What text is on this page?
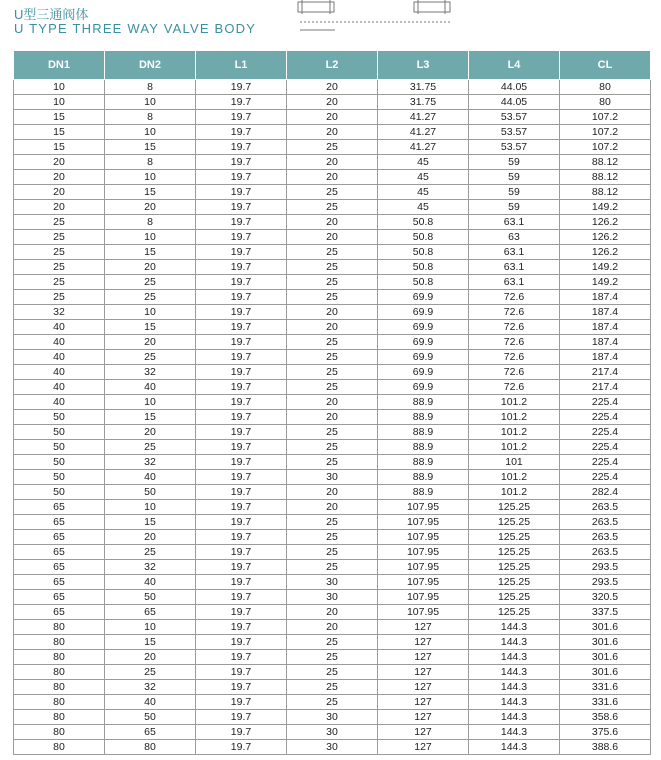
U型三通阀体
U TYPE THREE WAY VALVE BODY
DN1	DN2	L1	L2	L3	L4	CL
10	8	19.7	20	31.75	44.05	80
10	10	19.7	20	31.75	44.05	80
15	8	19.7	20	41.27	53.57	107.2
15	10	19.7	20	41.27	53.57	107.2
15	15	19.7	25	41.27	53.57	107.2
20	8	19.7	20	45	59	88.12
20	10	19.7	20	45	59	88.12
20	15	19.7	25	45	59	88.12
20	20	19.7	25	45	59	149.2
25	8	19.7	20	50.8	63.1	126.2
25	10	19.7	20	50.8	63	126.2
25	15	19.7	25	50.8	63.1	126.2
25	20	19.7	25	50.8	63.1	149.2
25	25	19.7	25	50.8	63.1	149.2
25	25	19.7	25	69.9	72.6	187.4
32	10	19.7	20	69.9	72.6	187.4
40	15	19.7	20	69.9	72.6	187.4
40	20	19.7	25	69.9	72.6	187.4
40	25	19.7	25	69.9	72.6	187.4
40	32	19.7	25	69.9	72.6	217.4
40	40	19.7	25	69.9	72.6	217.4
40	10	19.7	20	88.9	101.2	225.4
50	15	19.7	20	88.9	101.2	225.4
50	20	19.7	25	88.9	101.2	225.4
50	25	19.7	25	88.9	101.2	225.4
50	32	19.7	25	88.9	101	225.4
50	40	19.7	30	88.9	101.2	225.4
50	50	19.7	20	88.9	101.2	282.4
65	10	19.7	20	107.95	125.25	263.5
65	15	19.7	25	107.95	125.25	263.5
65	20	19.7	25	107.95	125.25	263.5
65	25	19.7	25	107.95	125.25	263.5
65	32	19.7	25	107.95	125.25	293.5
65	40	19.7	30	107.95	125.25	293.5
65	50	19.7	30	107.95	125.25	320.5
65	65	19.7	20	107.95	125.25	337.5
80	10	19.7	20	127	144.3	301.6
80	15	19.7	25	127	144.3	301.6
80	20	19.7	25	127	144.3	301.6
80	25	19.7	25	127	144.3	301.6
80	32	19.7	25	127	144.3	331.6
80	40	19.7	25	127	144.3	331.6
80	50	19.7	30	127	144.3	358.6
80	65	19.7	30	127	144.3	375.6
80	80	19.7	30	127	144.3	388.6
